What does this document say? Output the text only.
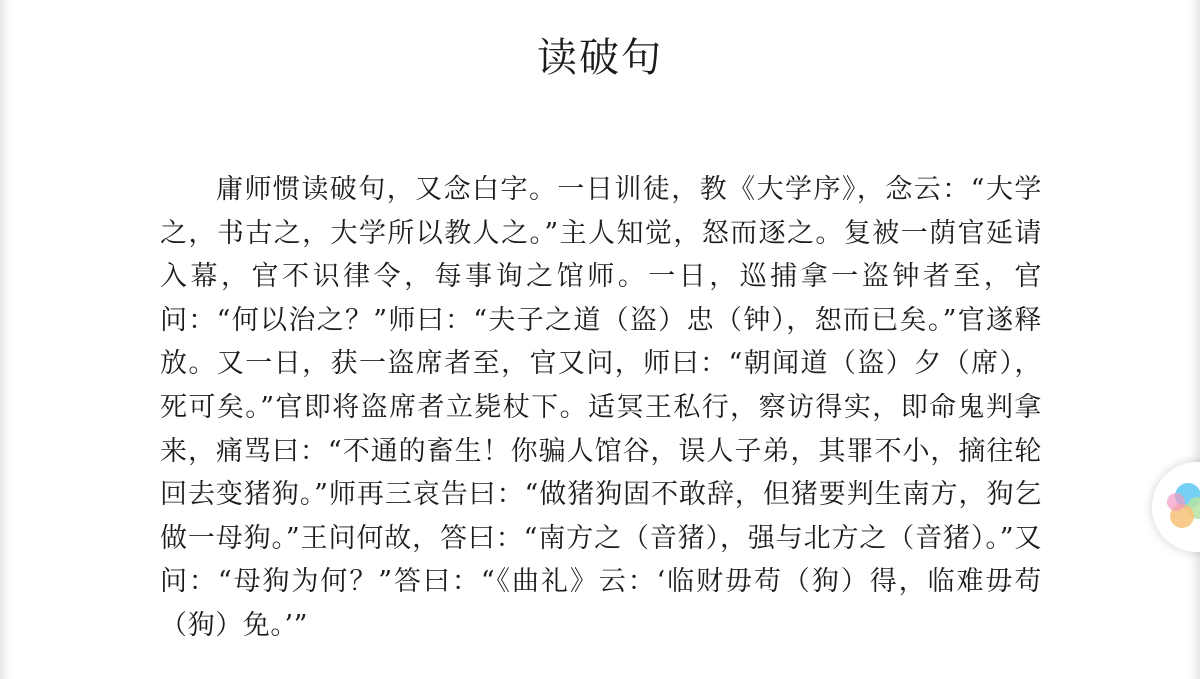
读破句

庸师惯读破句，又念白字。一日训徒，教《大学序》，念云：“大学之，书古之，大学所以教人之。”主人知觉，怒而逐之。复被一荫官延请入幕，官不识律令，每事询之馆师。一日，巡捕拿一盗钟者至，官问：“何以治之？”师曰：“夫子之道（盗）忠（钟），恕而已矣。”官遂释放。又一日，获一盗席者至，官又问，师曰：“朝闻道（盗）夕（席），死可矣。”官即将盗席者立毙杖下。适冥王私行，察访得实，即命鬼判拿来，痛骂曰：“不通的畜生！你骗人馆谷，误人子弟，其罪不小，摘往轮回去变猪狗。”师再三哀告曰：“做猪狗固不敢辞，但猪要判生南方，狗乞做一母狗。”王问何故，答曰：“南方之（音猪），强与北方之（音猪）。”又问：“母狗为何？”答曰：“《曲礼》云：‘临财毋苟（狗）得，临难毋苟（狗）免。’”
